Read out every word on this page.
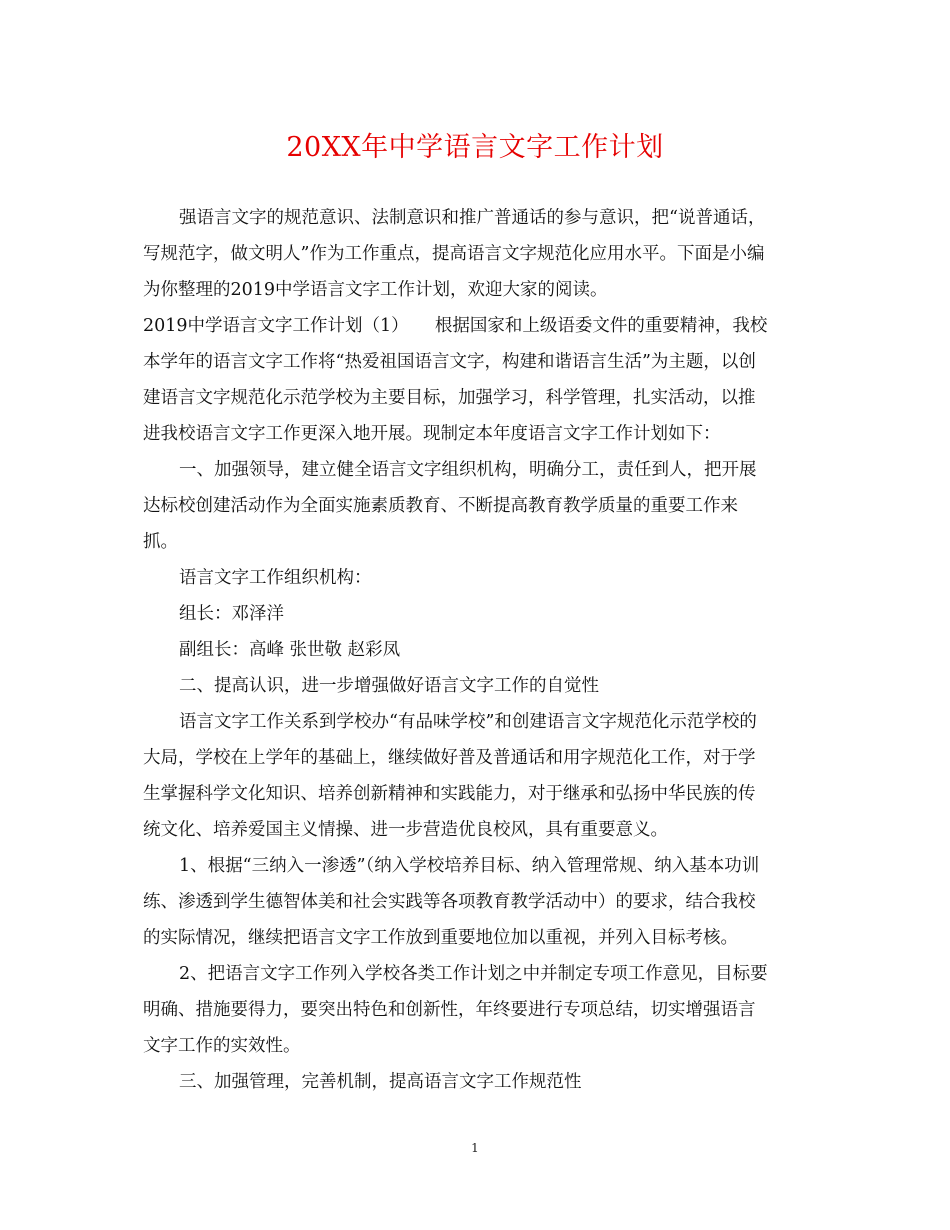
20XX年中学语言文字工作计划
强语言文字的规范意识、法制意识和推广普通话的参与意识，把“说普通话，
写规范字，做文明人”作为工作重点，提高语言文字规范化应用水平。下面是小编
为你整理的2019中学语言文字工作计划，欢迎大家的阅读。
2019中学语言文字工作计划（1）　　根据国家和上级语委文件的重要精神，我校
本学年的语言文字工作将“热爱祖国语言文字，构建和谐语言生活”为主题，以创
建语言文字规范化示范学校为主要目标，加强学习，科学管理，扎实活动，以推
进我校语言文字工作更深入地开展。现制定本年度语言文字工作计划如下：
一、加强领导，建立健全语言文字组织机构，明确分工，责任到人，把开展
达标校创建活动作为全面实施素质教育、不断提高教育教学质量的重要工作来
抓。
语言文字工作组织机构：
组长：邓泽洋
副组长：高峰 张世敬 赵彩凤
二、提高认识，进一步增强做好语言文字工作的自觉性
语言文字工作关系到学校办“有品味学校”和创建语言文字规范化示范学校的
大局，学校在上学年的基础上，继续做好普及普通话和用字规范化工作，对于学
生掌握科学文化知识、培养创新精神和实践能力，对于继承和弘扬中华民族的传
统文化、培养爱国主义情操、进一步营造优良校风，具有重要意义。
1、根据“三纳入一渗透”（纳入学校培养目标、纳入管理常规、纳入基本功训
练、渗透到学生德智体美和社会实践等各项教育教学活动中）的要求，结合我校
的实际情况，继续把语言文字工作放到重要地位加以重视，并列入目标考核。
2、把语言文字工作列入学校各类工作计划之中并制定专项工作意见，目标要
明确、措施要得力，要突出特色和创新性，年终要进行专项总结，切实增强语言
文字工作的实效性。
三、加强管理，完善机制，提高语言文字工作规范性
1
